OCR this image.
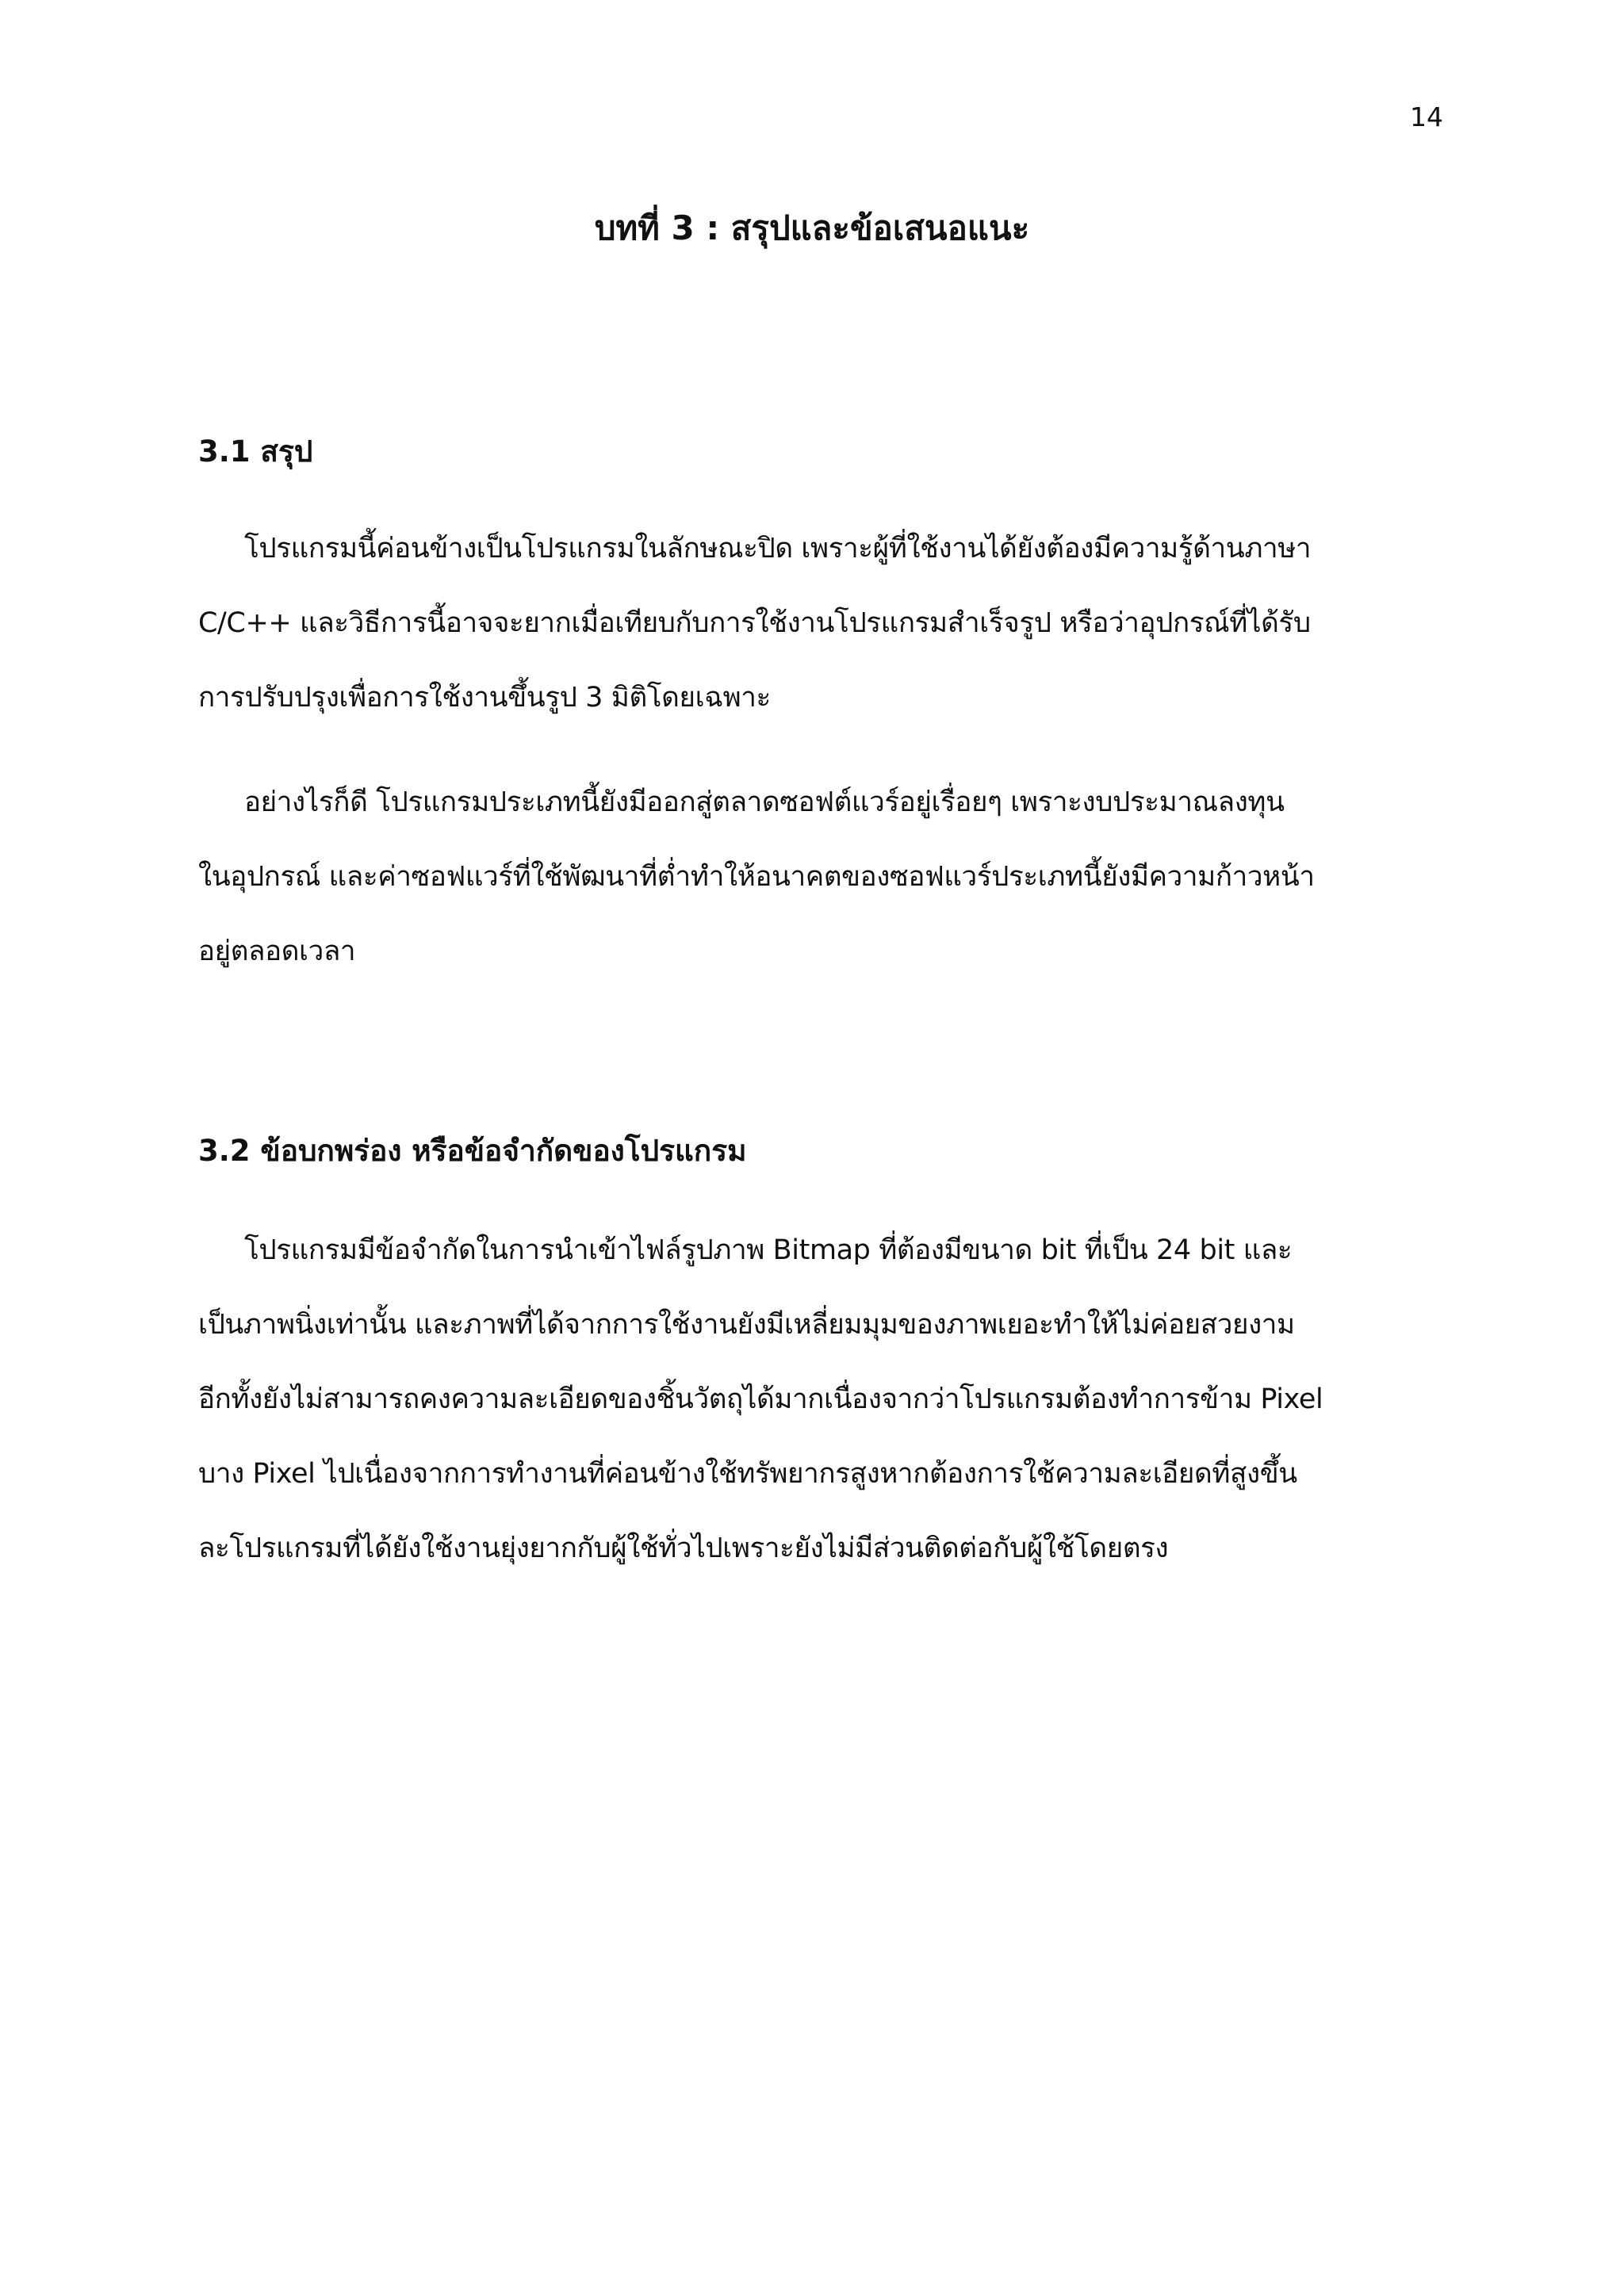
14
บทที่ 3 : สรุปและข้อเสนอแนะ
3.1 สรุป
โปรแกรมนี้ค่อนข้างเป็นโปรแกรมในลักษณะปิด เพราะผู้ที่ใช้งานได้ยังต้องมีความรู้ด้านภาษา
C/C++ และวิธีการนี้อาจจะยากเมื่อเทียบกับการใช้งานโปรแกรมสำเร็จรูป หรือว่าอุปกรณ์ที่ได้รับ
การปรับปรุงเพื่อการใช้งานขึ้นรูป 3 มิติโดยเฉพาะ
อย่างไรก็ดี โปรแกรมประเภทนี้ยังมีออกสู่ตลาดซอฟต์แวร์อยู่เรื่อยๆ เพราะงบประมาณลงทุน
ในอุปกรณ์ และค่าซอฟแวร์ที่ใช้พัฒนาที่ต่ำทำให้อนาคตของซอฟแวร์ประเภทนี้ยังมีความก้าวหน้า
อยู่ตลอดเวลา
3.2 ข้อบกพร่อง หรือข้อจำกัดของโปรแกรม
โปรแกรมมีข้อจำกัดในการนำเข้าไฟล์รูปภาพ Bitmap ที่ต้องมีขนาด bit ที่เป็น 24 bit และ
เป็นภาพนิ่งเท่านั้น และภาพที่ได้จากการใช้งานยังมีเหลี่ยมมุมของภาพเยอะทำให้ไม่ค่อยสวยงาม
อีกทั้งยังไม่สามารถคงความละเอียดของชิ้นวัตถุได้มากเนื่องจากว่าโปรแกรมต้องทำการข้าม Pixel
บาง Pixel ไปเนื่องจากการทำงานที่ค่อนข้างใช้ทรัพยากรสูงหากต้องการใช้ความละเอียดที่สูงขึ้น
ละโปรแกรมที่ได้ยังใช้งานยุ่งยากกับผู้ใช้ทั่วไปเพราะยังไม่มีส่วนติดต่อกับผู้ใช้โดยตรง
